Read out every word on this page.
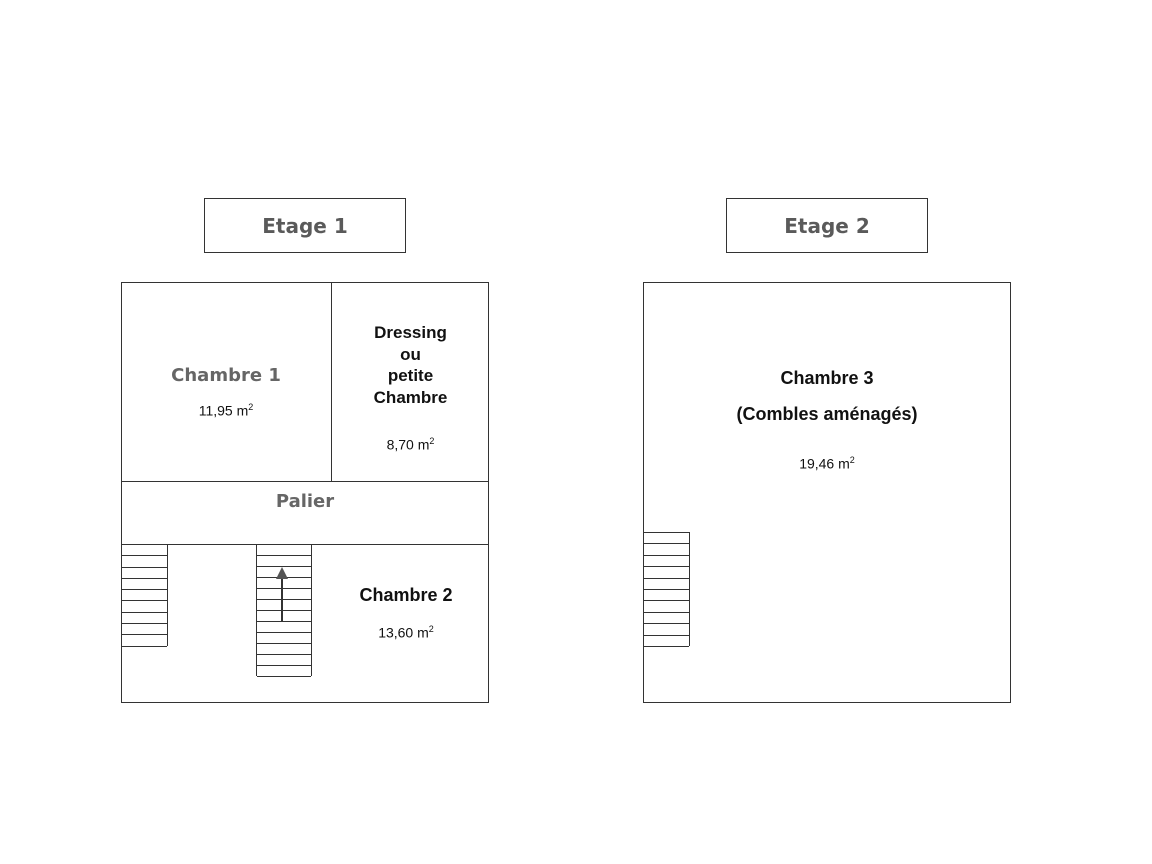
Etage 1	Etage 2
Chambre 1
11,95 $m^2$
Dressing
ou
petite
Chambre
8,70 $m^2$
Palier
Chambre 2
13,60 $m^2$
Chambre 3
(Combles aménagés)
19,46 $m^2$
